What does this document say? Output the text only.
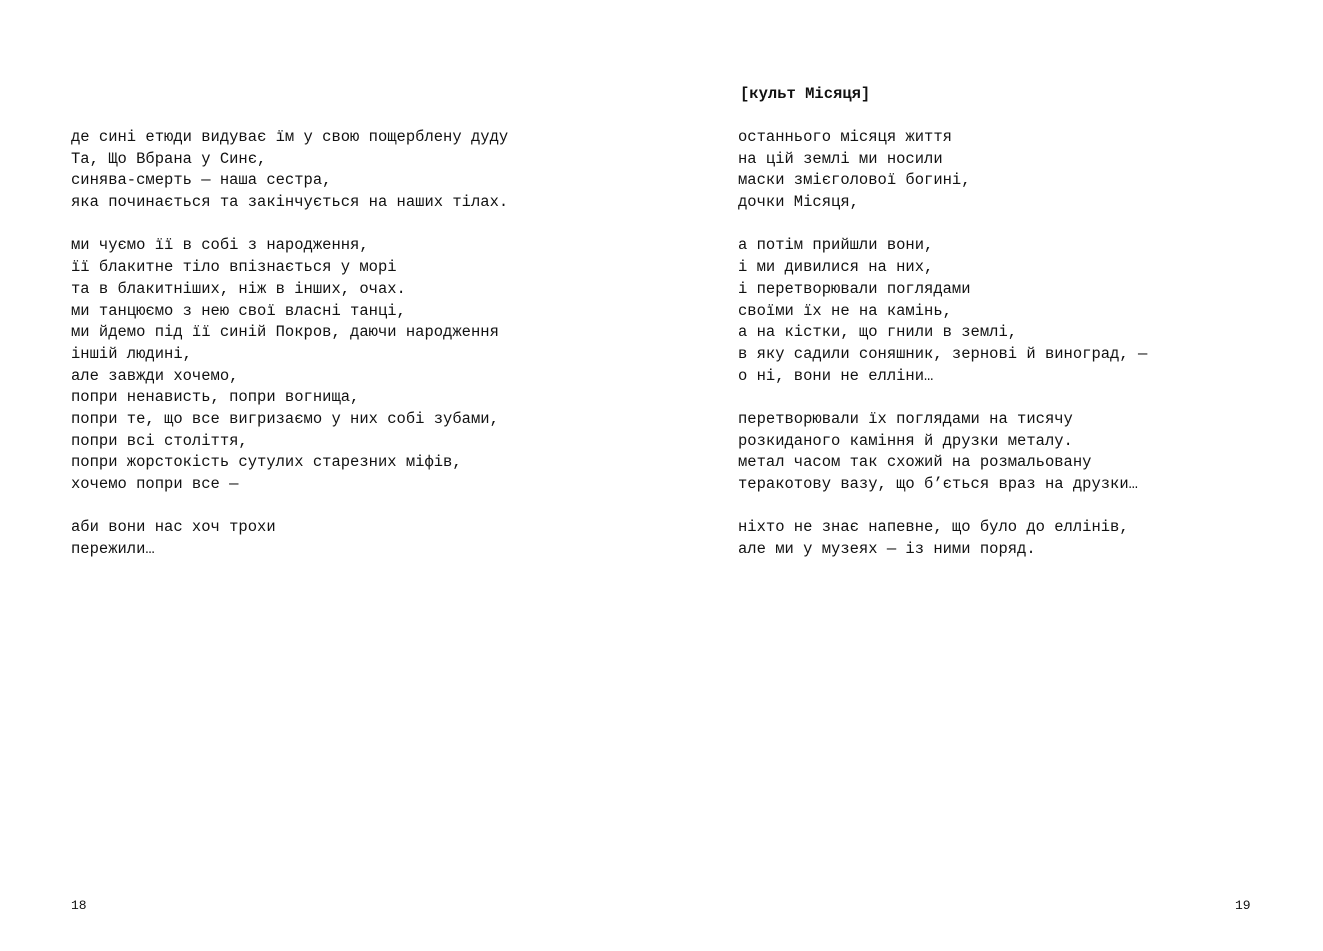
де сині етюди видуває їм у свою пощерблену дуду
Та, Що Вбрана у Синє,
синява-смерть — наша сестра,
яка починається та закінчується на наших тілах.
ми чуємо її в собі з народження,
її блакитне тіло впізнається у морі
та в блакитніших, ніж в інших, очах.
ми танцюємо з нею свої власні танці,
ми йдемо під її синій Покров, даючи народження
іншій людині,
але завжди хочемо,
попри ненависть, попри вогнища,
попри те, що все вигризаємо у них собі зубами,
попри всі століття,
попри жорстокість сутулих старезних міфів,
хочемо попри все —
аби вони нас хоч трохи
пережили…
18
[культ Місяця]
останнього місяця життя
на цій землі ми носили
маски змієголової богині,
дочки Місяця,
а потім прийшли вони,
і ми дивилися на них,
і перетворювали поглядами
своїми їх не на камінь,
а на кістки, що гнили в землі,
в яку садили соняшник, зернові й виноград, —
о ні, вони не елліни…
перетворювали їх поглядами на тисячу
розкиданого каміння й друзки металу.
метал часом так схожий на розмальовану
теракотову вазу, що б’ється враз на друзки…
ніхто не знає напевне, що було до еллінів,
але ми у музеях — із ними поряд.
19
